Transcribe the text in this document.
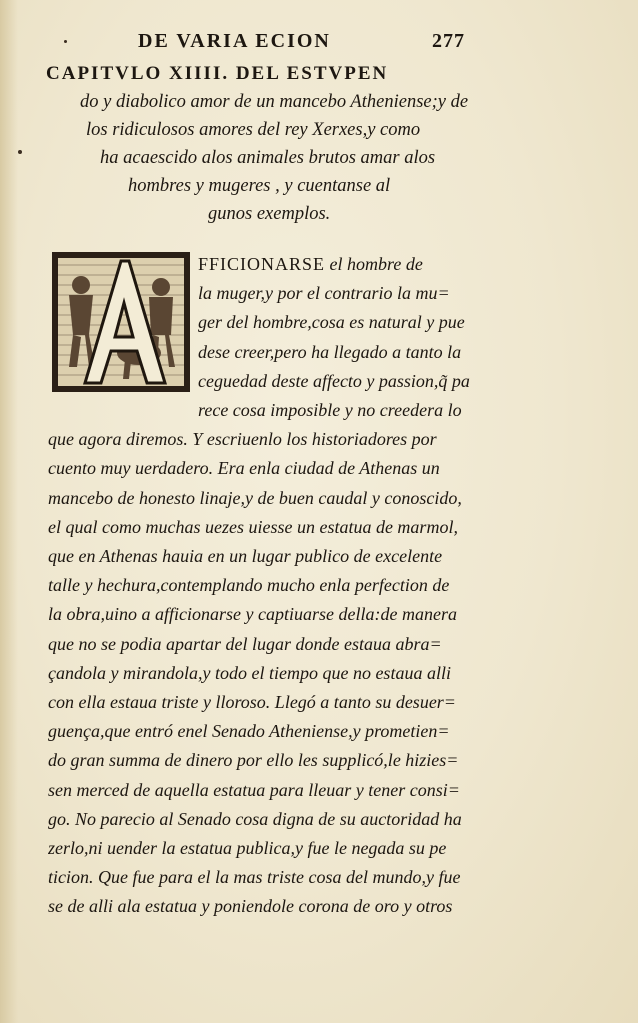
DE VARIA ECION	277
CAPITVLO XIIII. DEL ESTVPEN
do y diabolico amor de un mancebo Atheniense;y de
los ridiculosos amores del rey Xerxes,y como
ha acaescido alos animales brutos amar alos
hombres y mugeres , y cuentanse al
gunos exemplos.
FFICIONARSE el hombre de
la muger,y por el contrario la mu=
ger del hombre,cosa es natural y pue
dese creer,pero ha llegado a tanto la
ceguedad deste affecto y passion,q̃ pa
rece cosa imposible y no creedera lo
que agora diremos. Y escriuenlo los historiadores por
cuento muy uerdadero. Era enla ciudad de Athenas un
mancebo de honesto linaje,y de buen caudal y conoscido,
el qual como muchas uezes uiesse un estatua de marmol,
que en Athenas hauia en un lugar publico de excelente
talle y hechura,contemplando mucho enla perfection de
la obra,uino a afficionarse y captiuarse della:de manera
que no se podia apartar del lugar donde estaua abra=
çandola y mirandola,y todo el tiempo que no estaua alli
con ella estaua triste y lloroso. Llegó a tanto su desuer=
guença,que entró enel Senado Atheniense,y prometien=
do gran summa de dinero por ello les supplicó,le hizies=
sen merced de aquella estatua para lleuar y tener consi=
go. No parecio al Senado cosa digna de su auctoridad ha
zerlo,ni uender la estatua publica,y fue le negada su pe
ticion. Que fue para el la mas triste cosa del mundo,y fue
se de alli ala estatua y poniendole corona de oro y otros
